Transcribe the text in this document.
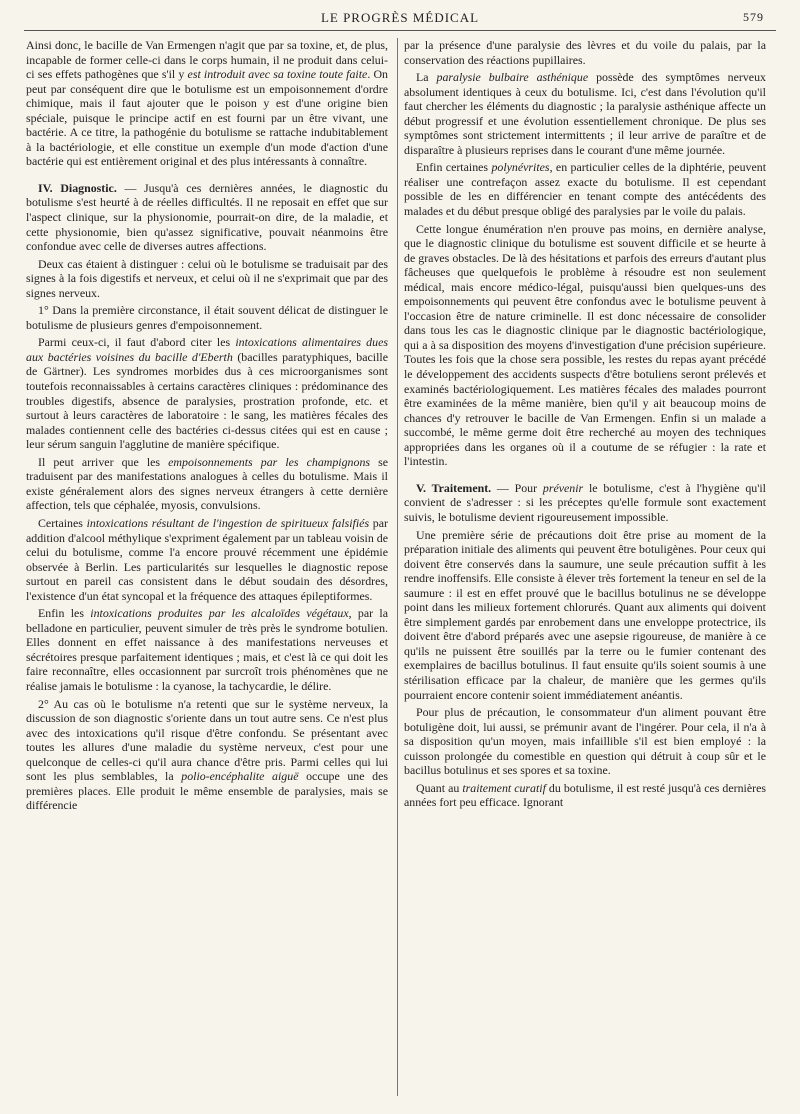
LE PROGRÈS MÉDICAL	579

Ainsi donc, le bacille de Van Ermengen n'agit que par sa toxine, et, de plus, incapable de former celle-ci dans le corps humain, il ne produit dans celui-ci ses effets pathogènes que s'il y est introduit avec sa toxine toute faite. On peut par conséquent dire que le botulisme est un empoisonnement d'ordre chimique, mais il faut ajouter que le poison y est d'une origine bien spéciale, puisque le principe actif en est fourni par un être vivant, une bactérie. A ce titre, la pathogénie du botulisme se rattache indubitablement à la bactériologie, et elle constitue un exemple d'un mode d'action d'une bactérie qui est entièrement original et des plus intéressants à connaître.

IV. Diagnostic. — Jusqu'à ces dernières années, le diagnostic du botulisme s'est heurté à de réelles difficultés. Il ne reposait en effet que sur l'aspect clinique, sur la physionomie, pourrait-on dire, de la maladie, et cette physionomie, bien qu'assez significative, pouvait néanmoins être confondue avec celle de diverses autres affections.

Deux cas étaient à distinguer : celui où le botulisme se traduisait par des signes à la fois digestifs et nerveux, et celui où il ne s'exprimait que par des signes nerveux.

1° Dans la première circonstance, il était souvent délicat de distinguer le botulisme de plusieurs genres d'empoisonnement.

Parmi ceux-ci, il faut d'abord citer les intoxications alimentaires dues aux bactéries voisines du bacille d'Eberth (bacilles paratyphiques, bacille de Gärtner). Les syndromes morbides dus à ces microorganismes sont toutefois reconnaissables à certains caractères cliniques : prédominance des troubles digestifs, absence de paralysies, prostration profonde, etc. et surtout à leurs caractères de laboratoire : le sang, les matières fécales des malades contiennent celle des bactéries ci-dessus citées qui est en cause ; leur sérum sanguin l'agglutine de manière spécifique.

Il peut arriver que les empoisonnements par les champignons se traduisent par des manifestations analogues à celles du botulisme. Mais il existe généralement alors des signes nerveux étrangers à cette dernière affection, tels que céphalée, myosis, convulsions.

Certaines intoxications résultant de l'ingestion de spiritueux falsifiés par addition d'alcool méthylique s'expriment également par un tableau voisin de celui du botulisme, comme l'a encore prouvé récemment une épidémie observée à Berlin. Les particularités sur lesquelles le diagnostic repose surtout en pareil cas consistent dans le début soudain des désordres, l'existence d'un état syncopal et la fréquence des attaques épileptiformes.

Enfin les intoxications produites par les alcaloïdes végétaux, par la belladone en particulier, peuvent simuler de très près le syndrome botulien. Elles donnent en effet naissance à des manifestations nerveuses et sécrétoires presque parfaitement identiques ; mais, et c'est là ce qui doit les faire reconnaître, elles occasionnent par surcroît trois phénomènes que ne réalise jamais le botulisme : la cyanose, la tachycardie, le délire.

2° Au cas où le botulisme n'a retenti que sur le système nerveux, la discussion de son diagnostic s'oriente dans un tout autre sens. Ce n'est plus avec des intoxications qu'il risque d'être confondu. Se présentant avec toutes les allures d'une maladie du système nerveux, c'est pour une quelconque de celles-ci qu'il aura chance d'être pris. Parmi celles qui lui sont les plus semblables, la polio-encéphalite aiguë occupe une des premières places. Elle produit le même ensemble de paralysies, mais se différencie

par la présence d'une paralysie des lèvres et du voile du palais, par la conservation des réactions pupillaires.

La paralysie bulbaire asthénique possède des symptômes nerveux absolument identiques à ceux du botulisme. Ici, c'est dans l'évolution qu'il faut chercher les éléments du diagnostic ; la paralysie asthénique affecte un début progressif et une évolution essentiellement chronique. De plus ses symptômes sont strictement intermittents ; il leur arrive de paraître et de disparaître à plusieurs reprises dans le courant d'une même journée.

Enfin certaines polynévrites, en particulier celles de la diphtérie, peuvent réaliser une contrefaçon assez exacte du botulisme. Il est cependant possible de les en différencier en tenant compte des antécédents des malades et du début presque obligé des paralysies par le voile du palais.

Cette longue énumération n'en prouve pas moins, en dernière analyse, que le diagnostic clinique du botulisme est souvent difficile et se heurte à de graves obstacles. De là des hésitations et parfois des erreurs d'autant plus fâcheuses que quelquefois le problème à résoudre est non seulement médical, mais encore médico-légal, puisqu'aussi bien quelques-uns des empoisonnements qui peuvent être confondus avec le botulisme peuvent à l'occasion être de nature criminelle. Il est donc nécessaire de consolider dans tous les cas le diagnostic clinique par le diagnostic bactériologique, qui a à sa disposition des moyens d'investigation d'une précision supérieure. Toutes les fois que la chose sera possible, les restes du repas ayant précédé le développement des accidents suspects d'être botuliens seront prélevés et examinés bactériologiquement. Les matières fécales des malades pourront être examinées de la même manière, bien qu'il y ait beaucoup moins de chances d'y retrouver le bacille de Van Ermengen. Enfin si un malade a succombé, le même germe doit être recherché au moyen des techniques appropriées dans les organes où il a coutume de se réfugier : la rate et l'intestin.

V. Traitement. — Pour prévenir le botulisme, c'est à l'hygiène qu'il convient de s'adresser : si les préceptes qu'elle formule sont exactement suivis, le botulisme devient rigoureusement impossible.

Une première série de précautions doit être prise au moment de la préparation initiale des aliments qui peuvent être botuligènes. Pour ceux qui doivent être conservés dans la saumure, une seule précaution suffit à les rendre inoffensifs. Elle consiste à élever très fortement la teneur en sel de la saumure : il est en effet prouvé que le bacillus botulinus ne se développe point dans les milieux fortement chlorurés. Quant aux aliments qui doivent être simplement gardés par enrobement dans une enveloppe protectrice, ils doivent être d'abord préparés avec une asepsie rigoureuse, de manière à ce qu'ils ne puissent être souillés par la terre ou le fumier contenant des exemplaires de bacillus botulinus. Il faut ensuite qu'ils soient soumis à une stérilisation efficace par la chaleur, de manière que les germes qu'ils pourraient encore contenir soient immédiatement anéantis.

Pour plus de précaution, le consommateur d'un aliment pouvant être botuligène doit, lui aussi, se prémunir avant de l'ingérer. Pour cela, il n'a à sa disposition qu'un moyen, mais infaillible s'il est bien employé : la cuisson prolongée du comestible en question qui détruit à coup sûr et le bacillus botulinus et ses spores et sa toxine.

Quant au traitement curatif du botulisme, il est resté jusqu'à ces dernières années fort peu efficace. Ignorant
